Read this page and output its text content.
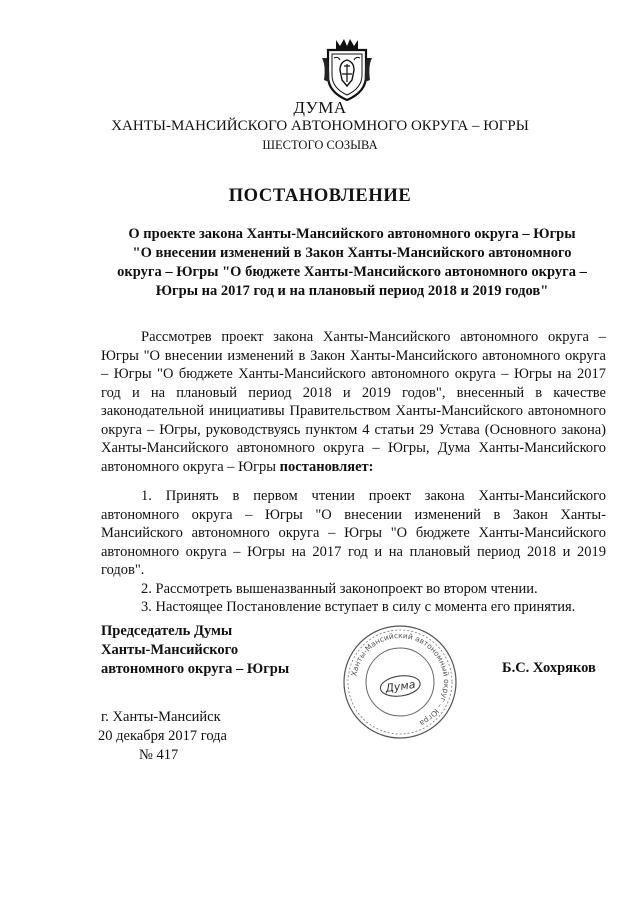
ДУМА
ХАНТЫ-МАНСИЙСКОГО АВТОНОМНОГО ОКРУГА – ЮГРЫ
ШЕСТОГО СОЗЫВА
ПОСТАНОВЛЕНИЕ
О проекте закона Ханты-Мансийского автономного округа – Югры
"О внесении изменений в Закон Ханты-Мансийского автономного
округа – Югры "О бюджете Ханты-Мансийского автономного округа –
Югры на 2017 год и на плановый период 2018 и 2019 годов"
Рассмотрев проект закона Ханты-Мансийского автономного округа – Югры "О внесении изменений в Закон Ханты-Мансийского автономного округа – Югры "О бюджете Ханты-Мансийского автономного округа – Югры на 2017 год и на плановый период 2018 и 2019 годов", внесенный в качестве законодательной инициативы Правительством Ханты-Мансийского автономного округа – Югры, руководствуясь пунктом 4 статьи 29 Устава (Основного закона) Ханты-Мансийского автономного округа – Югры, Дума Ханты-Мансийского автономного округа – Югры постановляет:

1. Принять в первом чтении проект закона Ханты-Мансийского автономного округа – Югры "О внесении изменений в Закон Ханты-Мансийского автономного округа – Югры "О бюджете Ханты-Мансийского автономного округа – Югры на 2017 год и на плановый период 2018 и 2019 годов".

2. Рассмотреть вышеназванный законопроект во втором чтении.

3. Настоящее Постановление вступает в силу с момента его принятия.

Председатель Думы
Ханты-Мансийского
автономного округа – Югры	Ханты-Мансийский автономный округ – Югра
Дума
Б.С. Хохряков
г. Ханты-Мансийск
20 декабря 2017 года
№ 417
